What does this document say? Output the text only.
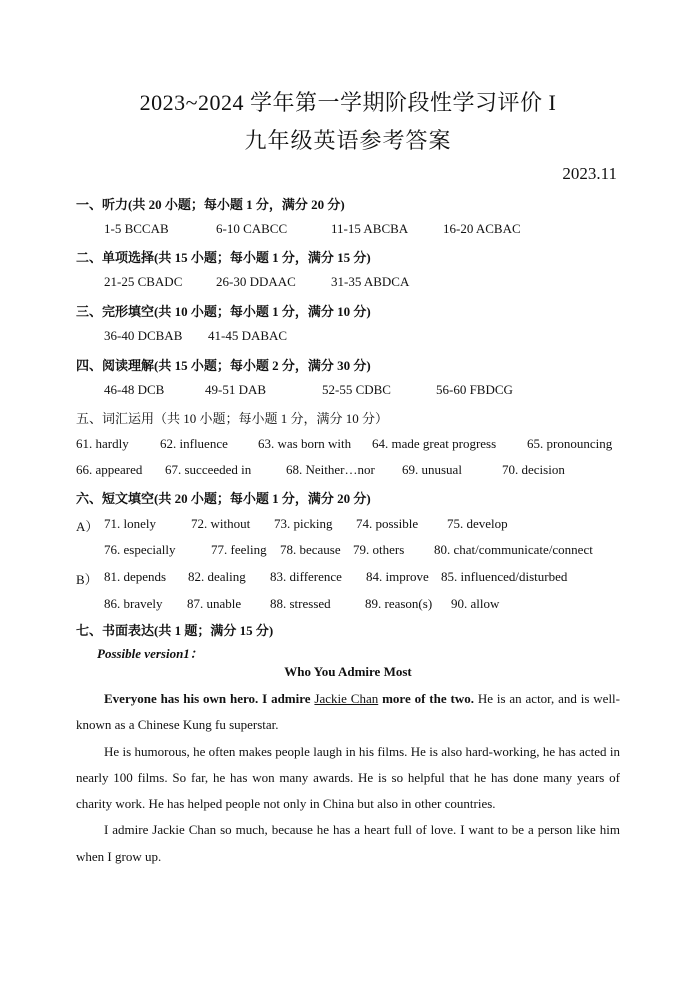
2023~2024 学年第一学期阶段性学习评价 I
九年级英语参考答案
2023.11
一、听力(共 20 小题；每小题 1 分，满分 20 分)
1-5 BCCAB	6-10 CABCC	11-15 ABCBA	16-20 ACBAC
二、单项选择(共 15 小题；每小题 1 分，满分 15 分)
21-25 CBADC	26-30 DDAAC	31-35 ABDCA
三、完形填空(共 10 小题；每小题 1 分，满分 10 分)
36-40 DCBAB 41-45 DABAC
四、阅读理解(共 15 小题；每小题 2 分，满分 30 分)
46-48 DCB	49-51 DAB	52-55 CDBC	56-60 FBDCG
五、词汇运用（共 10 小题；每小题 1 分，满分 10 分）
61. hardly 62. influence 63. was born with 64. made great progress 65. pronouncing
66. appeared 67. succeeded in	68. Neither…nor 69. unusual	70. decision
六、短文填空(共 20 小题；每小题 1 分，满分 20 分)
A） 71. lonely	72. without 73. picking 74. possible 75. develop
76. especially	77. feeling 78. because 79. others 80. chat/communicate/connect
B） 81. depends 82. dealing 83. difference 84. improve 85. influenced/disturbed
86. bravely 87. unable 88. stressed	89. reason(s) 90. allow
七、书面表达(共 1 题；满分 15 分)
Possible version1：
Who You Admire Most

Everyone has his own hero. I admire Jackie Chan more of the two. He is an actor, and is well-known as a Chinese Kung fu superstar.

He is humorous, he often makes people laugh in his films. He is also hard-working, he has acted in nearly 100 films. So far, he has won many awards. He is so helpful that he has done many years of charity work. He has helped people not only in China but also in other countries.

I admire Jackie Chan so much, because he has a heart full of love. I want to be a person like him when I grow up.
